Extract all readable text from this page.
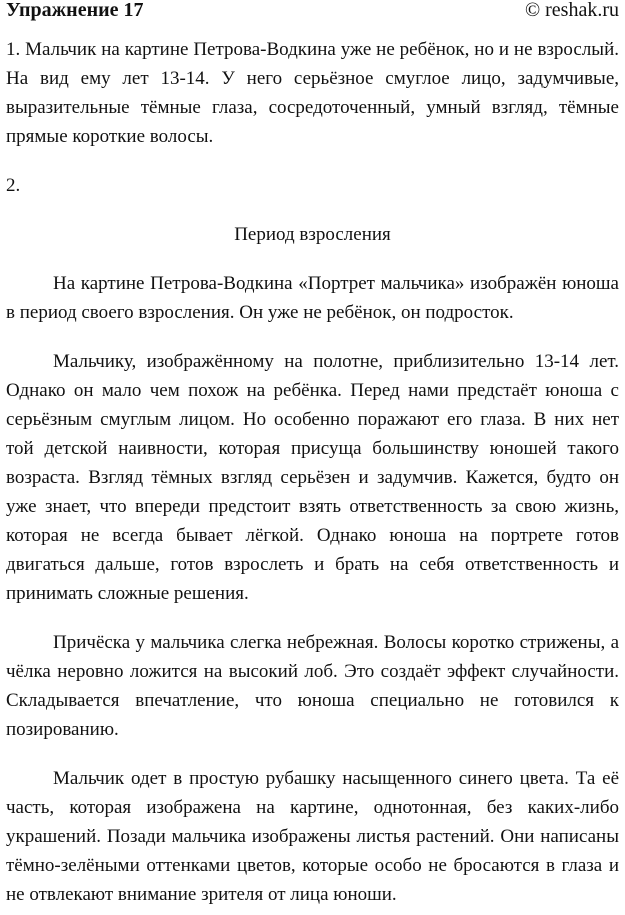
Упражнение 17	© reshak.ru

1. Мальчик на картине Петрова-Водкина уже не ребёнок, но и не взрослый. На вид ему лет 13-14. У него серьёзное смуглое лицо, задумчивые, выразительные тёмные глаза, сосредоточенный, умный взгляд, тёмные прямые короткие волосы.

2.

Период взросления

На картине Петрова-Водкина «Портрет мальчика» изображён юноша в период своего взросления. Он уже не ребёнок, он подросток.

Мальчику, изображённому на полотне, приблизительно 13-14 лет. Однако он мало чем похож на ребёнка. Перед нами предстаёт юноша с серьёзным смуглым лицом. Но особенно поражают его глаза. В них нет той детской наивности, которая присуща большинству юношей такого возраста. Взгляд тёмных взгляд серьёзен и задумчив. Кажется, будто он уже знает, что впереди предстоит взять ответственность за свою жизнь, которая не всегда бывает лёгкой. Однако юноша на портрете готов двигаться дальше, готов взрослеть и брать на себя ответственность и принимать сложные решения.

Причёска у мальчика слегка небрежная. Волосы коротко стрижены, а чёлка неровно ложится на высокий лоб. Это создаёт эффект случайности. Складывается впечатление, что юноша специально не готовился к позированию.

Мальчик одет в простую рубашку насыщенного синего цвета. Та её часть, которая изображена на картине, однотонная, без каких-либо украшений. Позади мальчика изображены листья растений. Они написаны тёмно-зелёными оттенками цветов, которые особо не бросаются в глаза и не отвлекают внимание зрителя от лица юноши.
